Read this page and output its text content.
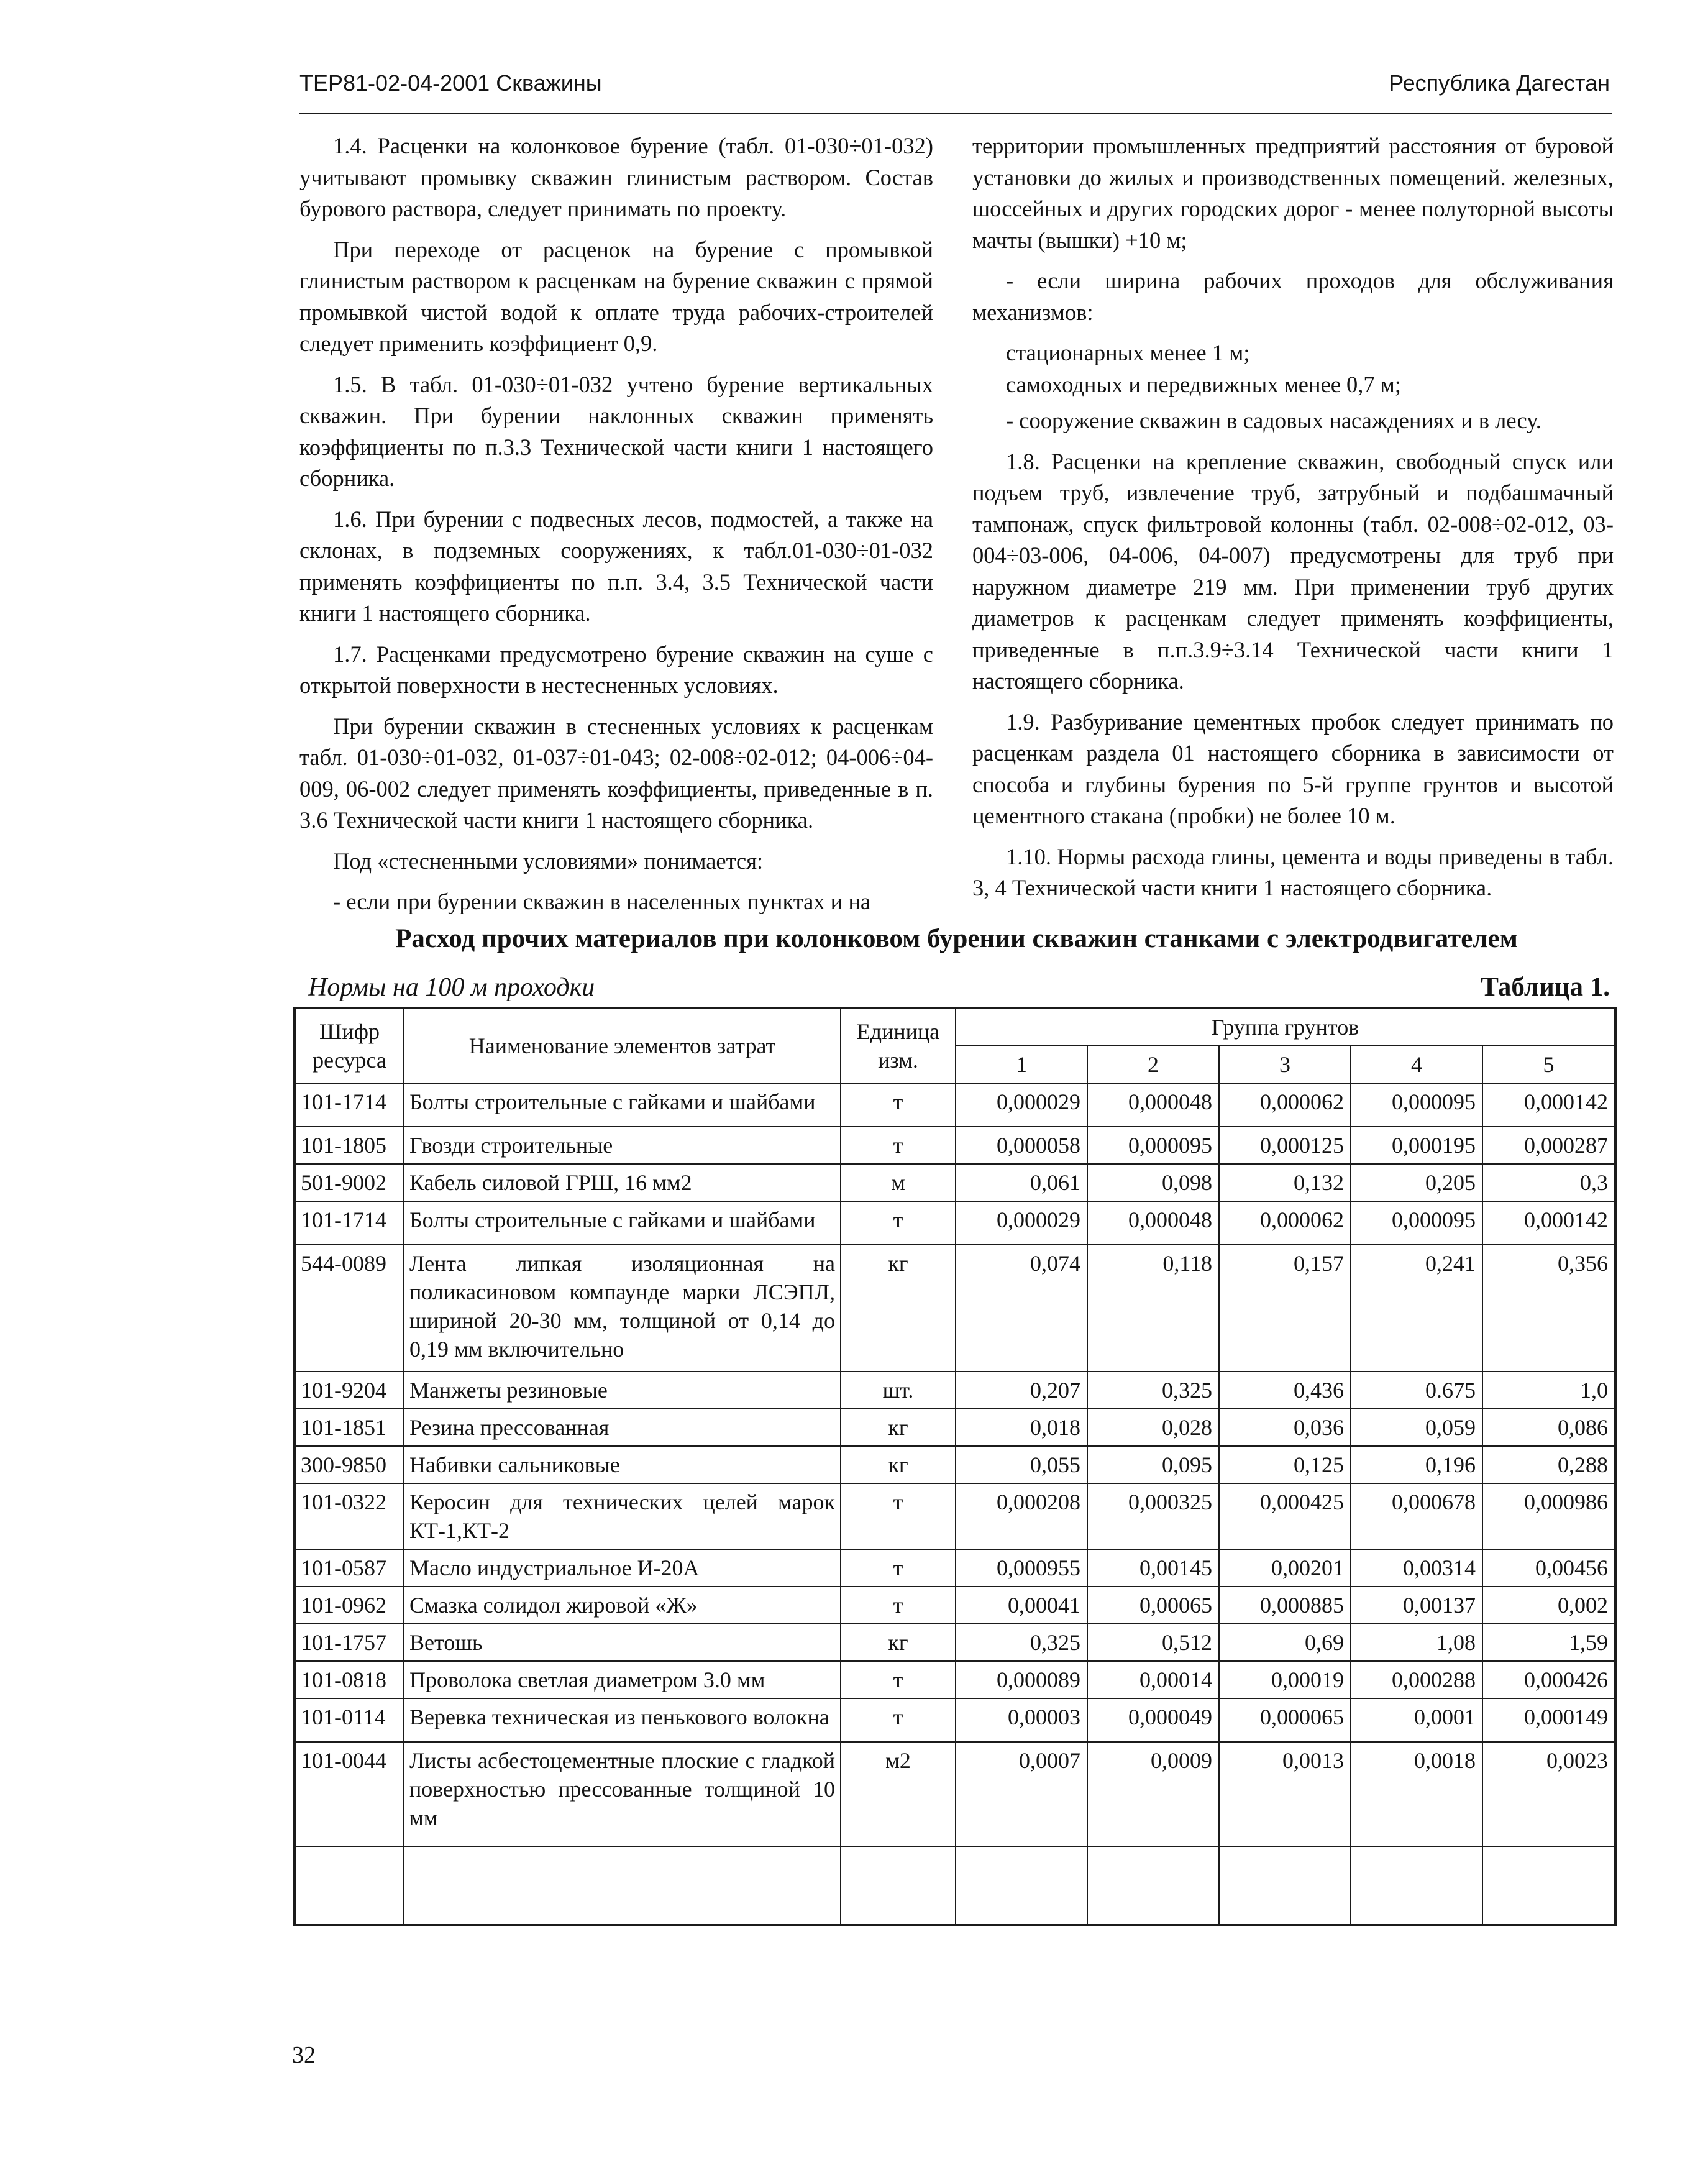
ТЕР81-02-04-2001 Скважины	Республика Дагестан

1.4. Расценки на колонковое бурение (табл. 01-030÷01-032) учитывают промывку скважин глинистым раствором. Состав бурового раствора, следует принимать по проекту.

При переходе от расценок на бурение с промывкой глинистым раствором к расценкам на бурение скважин с прямой промывкой чистой водой к оплате труда рабочих-строителей следует применить коэффициент 0,9.

1.5. В табл. 01-030÷01-032 учтено бурение вертикальных скважин. При бурении наклонных скважин применять коэффициенты по п.3.3 Технической части книги 1 настоящего сборника.

1.6. При бурении с подвесных лесов, подмостей, а также на склонах, в подземных сооружениях, к табл.01-030÷01-032 применять коэффициенты по п.п. 3.4, 3.5 Технической части книги 1 настоящего сборника.

1.7. Расценками предусмотрено бурение скважин на суше с открытой поверхности в нестесненных условиях.

При бурении скважин в стесненных условиях к расценкам табл. 01-030÷01-032, 01-037÷01-043; 02-008÷02-012; 04-006÷04-009, 06-002 следует применять коэффициенты, приведенные в п. 3.6 Технической части книги 1 настоящего сборника.

Под «стесненными условиями» понимается:

- если при бурении скважин в населенных пунктах и на

территории промышленных предприятий расстояния от буровой установки до жилых и производственных помещений. железных, шоссейных и других городских дорог - менее полуторной высоты мачты (вышки) +10 м;

- если ширина рабочих проходов для обслуживания механизмов:

стационарных менее 1 м;

самоходных и передвижных менее 0,7 м;

- сооружение скважин в садовых насаждениях и в лесу.

1.8. Расценки на крепление скважин, свободный спуск или подъем труб, извлечение труб, затрубный и подбашмачный тампонаж, спуск фильтровой колонны (табл. 02-008÷02-012, 03-004÷03-006, 04-006, 04-007) предусмотрены для труб при наружном диаметре 219 мм. При применении труб других диаметров к расценкам следует применять коэффициенты, приведенные в п.п.3.9÷3.14 Технической части книги 1 настоящего сборника.

1.9. Разбуривание цементных пробок следует принимать по расценкам раздела 01 настоящего сборника в зависимости от способа и глубины бурения по 5-й группе грунтов и высотой цементного стакана (пробки) не более 10 м.

1.10. Нормы расхода глины, цемента и воды приведены в табл. 3, 4 Технической части книги 1 настоящего сборника.

Расход прочих материалов при колонковом бурении скважин станками с электродвигателем
Нормы на 100 м проходки	Таблица 1.
Шифр ресурса	Наименование элементов затрат	Единица изм.	Группа грунтов				
			1	2	3	4	5
101-1714	Болты строительные с гайками и шайбами	т	0,000029	0,000048	0,000062	0,000095	0,000142
101-1805	Гвозди строительные	т	0,000058	0,000095	0,000125	0,000195	0,000287
501-9002	Кабель силовой ГРШ, 16 мм2	м	0,061	0,098	0,132	0,205	0,3
101-1714	Болты строительные с гайками и шайбами	т	0,000029	0,000048	0,000062	0,000095	0,000142
544-0089	Лента липкая изоляционная на поликасиновом компаунде марки ЛСЭПЛ, шириной 20-30 мм, толщиной от 0,14 до 0,19 мм включительно	кг	0,074	0,118	0,157	0,241	0,356
101-9204	Манжеты резиновые	шт.	0,207	0,325	0,436	0.675	1,0
101-1851	Резина прессованная	кг	0,018	0,028	0,036	0,059	0,086
300-9850	Набивки сальниковые	кг	0,055	0,095	0,125	0,196	0,288
101-0322	Керосин для технических целей марок КТ-1,КТ-2	т	0,000208	0,000325	0,000425	0,000678	0,000986
101-0587	Масло индустриальное И-20А	т	0,000955	0,00145	0,00201	0,00314	0,00456
101-0962	Смазка солидол жировой «Ж»	т	0,00041	0,00065	0,000885	0,00137	0,002
101-1757	Ветошь	кг	0,325	0,512	0,69	1,08	1,59
101-0818	Проволока светлая диаметром 3.0 мм	т	0,000089	0,00014	0,00019	0,000288	0,000426
101-0114	Веревка техническая из пенькового волокна	т	0,00003	0,000049	0,000065	0,0001	0,000149
101-0044	Листы асбестоцементные плоские с гладкой поверхностью прессованные толщиной 10 мм	м2	0,0007	0,0009	0,0013	0,0018	0,0023

32
